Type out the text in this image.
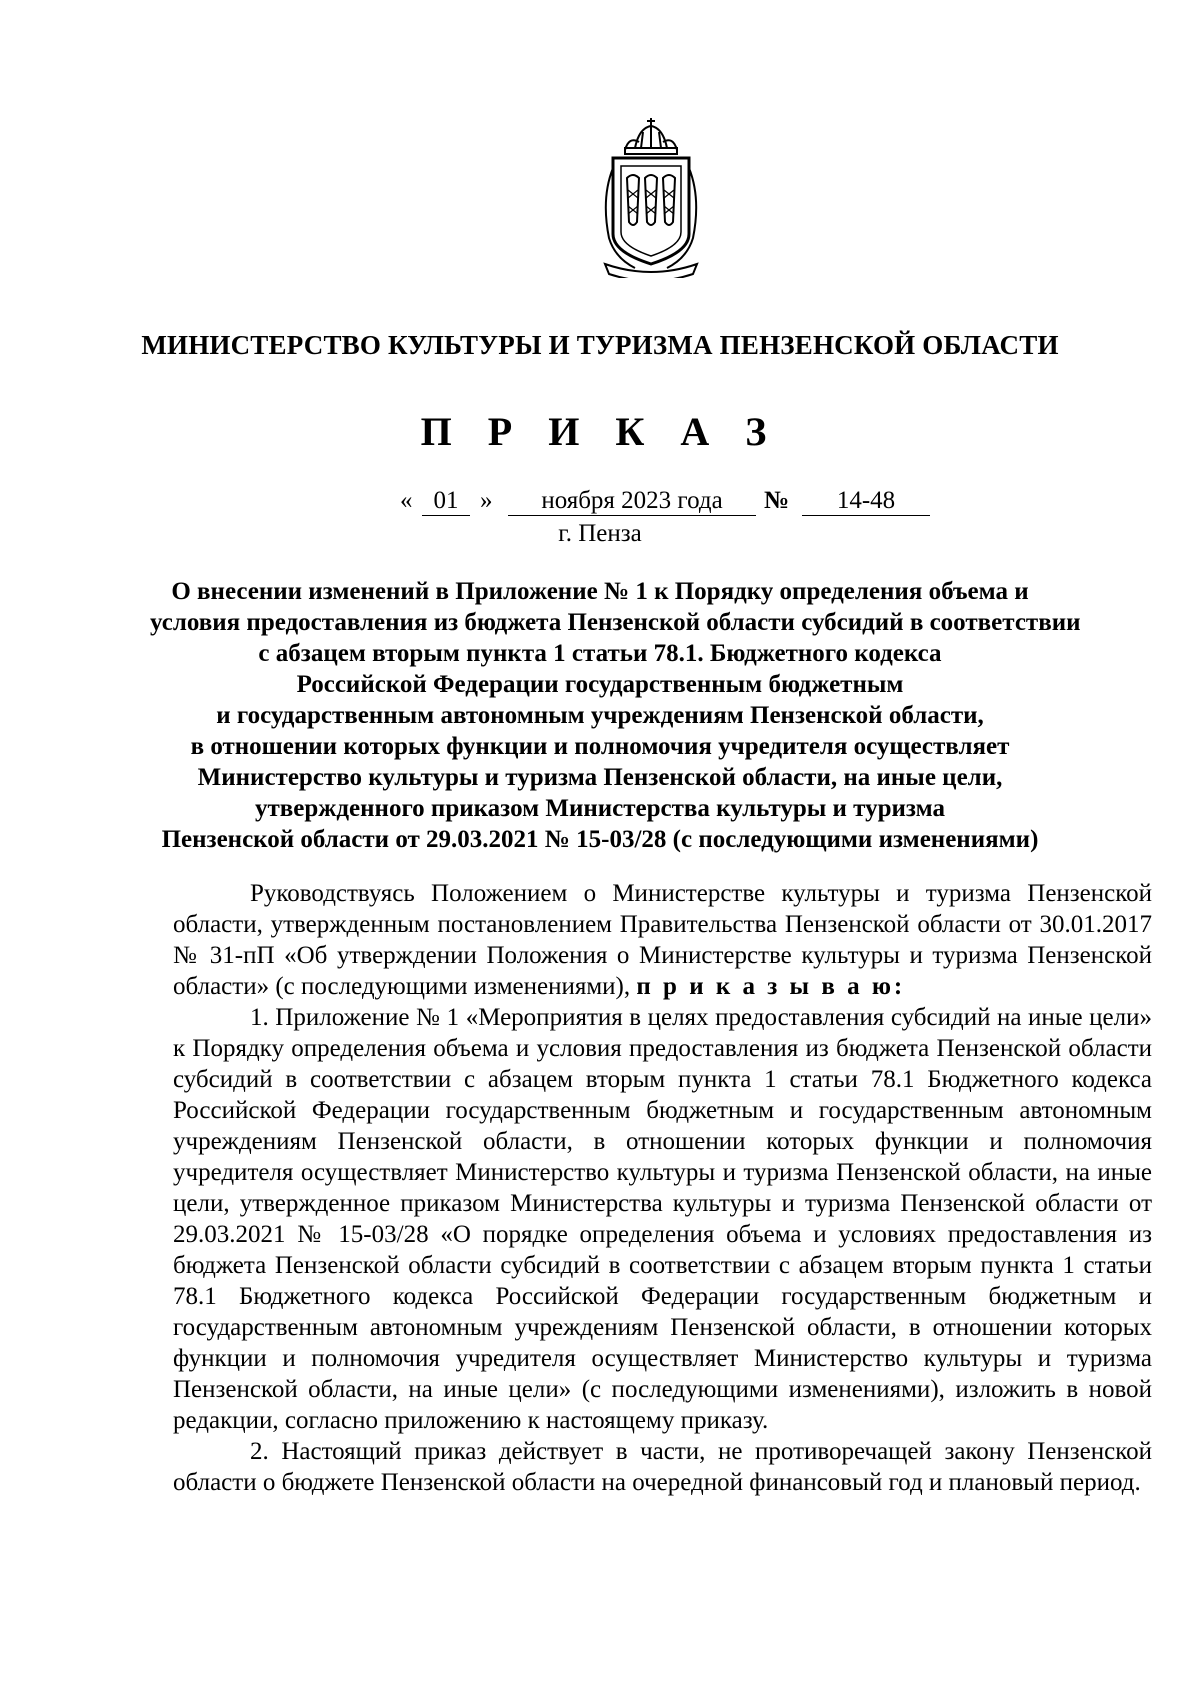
МИНИСТЕРСТВО КУЛЬТУРЫ И ТУРИЗМА ПЕНЗЕНСКОЙ ОБЛАСТИ
П Р И К А З
« 01 »	ноября 2023 года	№	14-48
г. Пенза
О внесении изменений в Приложение № 1 к Порядку определения объема и
условия предоставления из бюджета Пензенской области субсидий в соответствии
с абзацем вторым пункта 1 статьи 78.1. Бюджетного кодекса
Российской Федерации государственным бюджетным
и государственным автономным учреждениям Пензенской области,
в отношении которых функции и полномочия учредителя осуществляет
Министерство культуры и туризма Пензенской области, на иные цели,
утвержденного приказом Министерства культуры и туризма
Пензенской области от 29.03.2021 № 15-03/28 (с последующими изменениями)

Руководствуясь Положением о Министерстве культуры и туризма Пензенской области, утвержденным постановлением Правительства Пензенской области от 30.01.2017 № 31-пП «Об утверждении Положения о Министерстве культуры и туризма Пензенской области» (с последующими изменениями), п р и к а з ы в а ю:

1. Приложение № 1 «Мероприятия в целях предоставления субсидий на иные цели» к Порядку определения объема и условия предоставления из бюджета Пензенской области субсидий в соответствии с абзацем вторым пункта 1 статьи 78.1 Бюджетного кодекса Российской Федерации государственным бюджетным и государственным автономным учреждениям Пензенской области, в отношении которых функции и полномочия учредителя осуществляет Министерство культуры и туризма Пензенской области, на иные цели, утвержденное приказом Министерства культуры и туризма Пензенской области от 29.03.2021 № 15-03/28 «О порядке определения объема и условиях предоставления из бюджета Пензенской области субсидий в соответствии с абзацем вторым пункта 1 статьи 78.1 Бюджетного кодекса Российской Федерации государственным бюджетным и государственным автономным учреждениям Пензенской области, в отношении которых функции и полномочия учредителя осуществляет Министерство культуры и туризма Пензенской области, на иные цели» (с последующими изменениями), изложить в новой редакции, согласно приложению к настоящему приказу.

2. Настоящий приказ действует в части, не противоречащей закону Пензенской области о бюджете Пензенской области на очередной финансовый год и плановый период.
